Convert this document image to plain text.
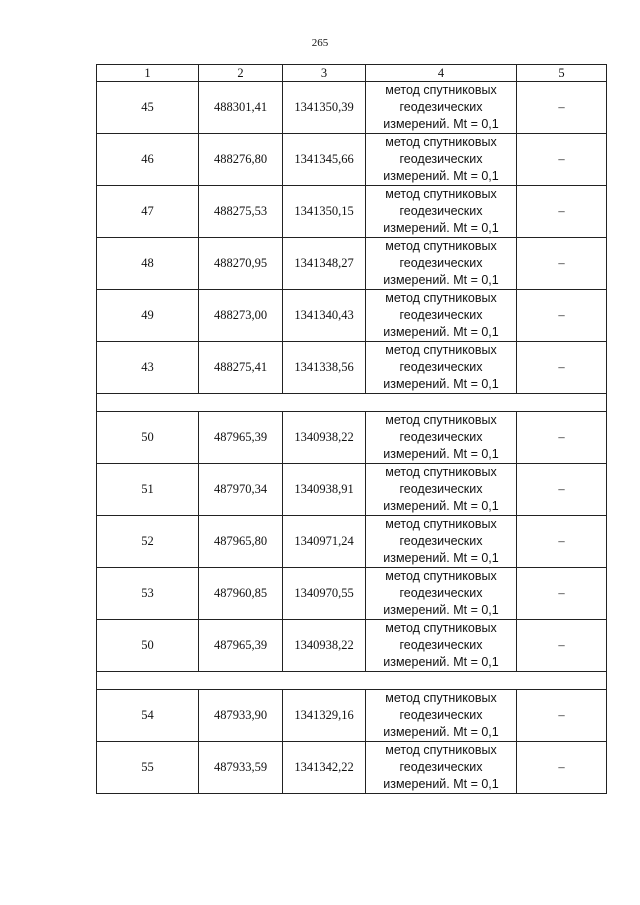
265
1	2	3	4	5
45	488301,41	1341350,39	метод спутниковых
геодезических
измерений. Mt = 0,1	–
46	488276,80	1341345,66	метод спутниковых
геодезических
измерений. Mt = 0,1	–
47	488275,53	1341350,15	метод спутниковых
геодезических
измерений. Mt = 0,1	–
48	488270,95	1341348,27	метод спутниковых
геодезических
измерений. Mt = 0,1	–
49	488273,00	1341340,43	метод спутниковых
геодезических
измерений. Mt = 0,1	–
43	488275,41	1341338,56	метод спутниковых
геодезических
измерений. Mt = 0,1	–

50	487965,39	1340938,22	метод спутниковых
геодезических
измерений. Mt = 0,1	–
51	487970,34	1340938,91	метод спутниковых
геодезических
измерений. Mt = 0,1	–
52	487965,80	1340971,24	метод спутниковых
геодезических
измерений. Mt = 0,1	–
53	487960,85	1340970,55	метод спутниковых
геодезических
измерений. Mt = 0,1	–
50	487965,39	1340938,22	метод спутниковых
геодезических
измерений. Mt = 0,1	–

54	487933,90	1341329,16	метод спутниковых
геодезических
измерений. Mt = 0,1	–
55	487933,59	1341342,22	метод спутниковых
геодезических
измерений. Mt = 0,1	–
